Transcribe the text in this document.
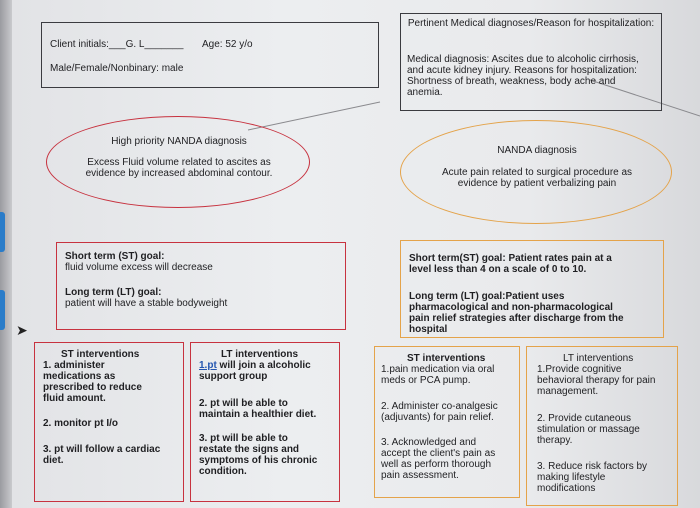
Client initials:___G. L_______ Age: 52 y/o
Male/Female/Nonbinary: male
Pertinent Medical diagnoses/Reason for hospitalization:
Medical diagnosis: Ascites due to alcoholic cirrhosis,
and acute kidney injury. Reasons for hospitalization:
Shortness of breath, weakness, body ache and
anemia.
High priority NANDA diagnosis
Excess Fluid volume related to ascites as
evidence by increased abdominal contour.
NANDA diagnosis
Acute pain related to surgical procedure as
evidence by patient verbalizing pain
Short term (ST) goal:
fluid volume excess will decrease
Long term (LT) goal:
patient will have a stable bodyweight
Short term(ST) goal: Patient rates pain at a
level less than 4 on a scale of 0 to 10.
Long term (LT) goal:Patient uses
pharmacological and non-pharmacological
pain relief strategies after discharge from the
hospital
➤
ST interventions
1. administer
medications as
prescribed to reduce
fluid amount.
2. monitor pt I/o
3. pt will follow a cardiac
diet.
LT interventions
1.pt will join a alcoholic
support group
2. pt will be able to
maintain a healthier diet.
3. pt will be able to
restate the signs and
symptoms of his chronic
condition.
ST interventions
1.pain medication via oral
meds or PCA pump.
2. Administer co-analgesic
(adjuvants) for pain relief.
3. Acknowledged and
accept the client's pain as
well as perform thorough
pain assessment.
LT interventions
1.Provide cognitive
behavioral therapy for pain
management.
2. Provide cutaneous
stimulation or massage
therapy.
3. Reduce risk factors by
making lifestyle
modifications
